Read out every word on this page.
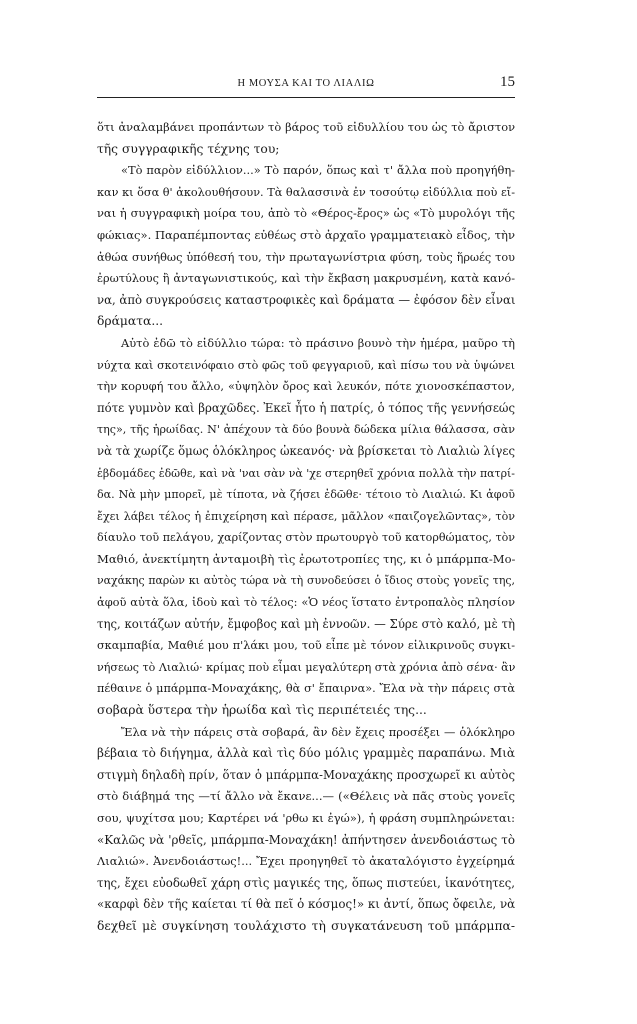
Η ΜΟΥΣΑ ΚΑΙ ΤΟ ΛΙΑΛΙΩ	15
ὅτι ἀναλαμβάνει προπάντων τὸ βάρος τοῦ εἰδυλλίου του ὡς τὸ ἄριστον
τῆς συγγραφικῆς τέχνης του;
«Τὸ παρὸν εἰδύλλιον...» Τὸ παρόν, ὅπως καὶ τ' ἄλλα ποὺ προηγήθη-
καν κι ὅσα θ' ἀκολουθήσουν. Τὰ θαλασσινὰ ἐν τοσούτῳ εἰδύλλια ποὺ εἴ-
ναι ἡ συγγραφικὴ μοίρα του, ἀπὸ τὸ «Θέρος-ἔρος» ὡς «Τὸ μυρολόγι τῆς
φώκιας». Παραπέμποντας εὐθέως στὸ ἀρχαῖο γραμματειακὸ εἶδος, τὴν
ἀθώα συνήθως ὑπόθεσή του, τὴν πρωταγωνίστρια φύση, τοὺς ἥρωές του
ἐρωτύλους ἢ ἀνταγωνιστικούς, καὶ τὴν ἔκβαση μακρυσμένη, κατὰ κανό-
να, ἀπὸ συγκρούσεις καταστροφικὲς καὶ δράματα — ἐφόσον δὲν εἶναι
δράματα...
Αὐτὸ ἐδῶ τὸ εἰδύλλιο τώρα: τὸ πράσινο βουνὸ τὴν ἡμέρα, μαῦρο τὴ
νύχτα καὶ σκοτεινόφαιο στὸ φῶς τοῦ φεγγαριοῦ, καὶ πίσω του νὰ ὑψώνει
τὴν κορυφή του ἄλλο, «ὑψηλὸν ὄρος καὶ λευκόν, πότε χιονοσκέπαστον,
πότε γυμνὸν καὶ βραχῶδες. Ἐκεῖ ἦτο ἡ πατρίς, ὁ τόπος τῆς γεννήσεώς
της», τῆς ἡρωίδας. Ν' ἀπέχουν τὰ δύο βουνὰ δώδεκα μίλια θάλασσα, σὰν
νὰ τὰ χωρίζε ὅμως ὁλόκληρος ὠκεανός· νὰ βρίσκεται τὸ Λιαλιὼ λίγες
ἑβδομάδες ἐδῶθε, καὶ νὰ 'ναι σὰν νὰ 'χε στερηθεῖ χρόνια πολλὰ τὴν πατρί-
δα. Νὰ μὴν μπορεῖ, μὲ τίποτα, νὰ ζήσει ἐδῶθε· τέτοιο τὸ Λιαλιώ. Κι ἀφοῦ
ἔχει λάβει τέλος ἡ ἐπιχείρηση καὶ πέρασε, μᾶλλον «παιζογελῶντας», τὸν
δίαυλο τοῦ πελάγου, χαρίζοντας στὸν πρωτουργὸ τοῦ κατορθώματος, τὸν
Μαθιό, ἀνεκτίμητη ἀνταμοιβὴ τὶς ἐρωτοτροπίες της, κι ὁ μπάρμπα-Μο-
ναχάκης παρὼν κι αὐτὸς τώρα νὰ τὴ συνοδεύσει ὁ ἴδιος στοὺς γονεῖς της,
ἀφοῦ αὐτὰ ὅλα, ἰδοὺ καὶ τὸ τέλος: «Ὁ νέος ἵστατο ἐντροπαλὸς πλησίον
της, κοιτάζων αὐτήν, ἔμφοβος καὶ μὴ ἐννοῶν. — Σύρε στὸ καλό, μὲ τὴ
σκαμπαβία, Μαθιέ μου π'λάκι μου, τοῦ εἶπε μὲ τόνον εἰλικρινοῦς συγκι-
νήσεως τὸ Λιαλιώ· κρίμας ποὺ εἶμαι μεγαλύτερη στὰ χρόνια ἀπὸ σένα· ἂν
πέθαινε ὁ μπάρμπα-Μοναχάκης, θὰ σ' ἔπαιρνα». Ἔλα νὰ τὴν πάρεις στὰ
σοβαρὰ ὕστερα τὴν ἡρωίδα καὶ τὶς περιπέτειές της...
Ἔλα νὰ τὴν πάρεις στὰ σοβαρά, ἂν δὲν ἔχεις προσέξει — ὁλόκληρο
βέβαια τὸ διήγημα, ἀλλὰ καὶ τὶς δύο μόλις γραμμὲς παραπάνω. Μιὰ
στιγμὴ δηλαδὴ πρίν, ὅταν ὁ μπάρμπα-Μοναχάκης προσχωρεῖ κι αὐτὸς
στὸ διάβημά της —τί ἄλλο νὰ ἔκανε...— («Θέλεις νὰ πᾶς στοὺς γονεῖς
σου, ψυχίτσα μου; Καρτέρει νά 'ρθω κι ἐγώ»), ἡ φράση συμπληρώνεται:
«Καλῶς νὰ 'ρθεῖς, μπάρμπα-Μοναχάκη! ἀπήντησεν ἀνενδοιάστως τὸ
Λιαλιώ». Ἀνενδοιάστως!... Ἔχει προηγηθεῖ τὸ ἀκαταλόγιστο ἐγχείρημά
της, ἔχει εὐοδωθεῖ χάρη στὶς μαγικές της, ὅπως πιστεύει, ἱκανότητες,
«καρφὶ δὲν τῆς καίεται τί θὰ πεῖ ὁ κόσμος!» κι ἀντί, ὅπως ὄφειλε, νὰ
δεχθεῖ μὲ συγκίνηση τουλάχιστο τὴ συγκατάνευση τοῦ μπάρμπα-
